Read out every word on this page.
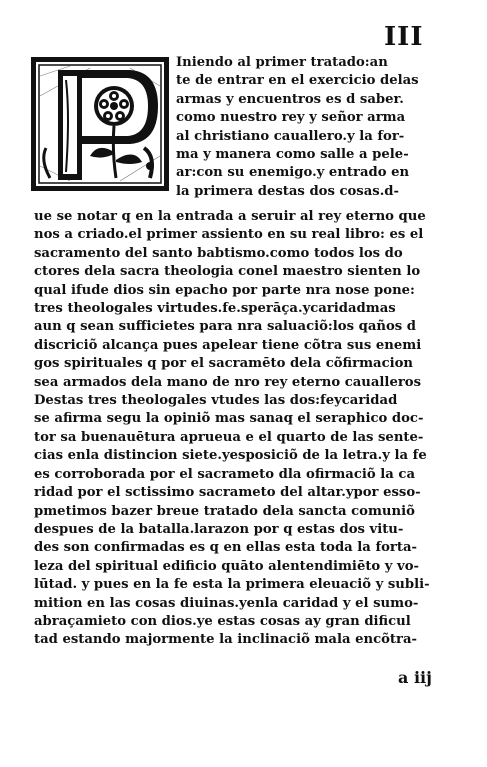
III
Iniendo al primer tratado:an
te de entrar en el exercicio delas
armas y encuentros es d saber.
como nuestro rey y señor arma
al christiano cauallero.y la for-
ma y manera como salle a pele-
ar:con su enemigo.y entrado en
la primera destas dos cosas.d-
ue se notar q en la entrada a seruir al rey eterno que
nos a criado.el primer assiento en su real libro: es el
sacramento del santo babtismo.como todos los do
ctores dela sacra theologia conel maestro sienten lo
qual ifude dios sin epacho por parte nra nose pone:
tres theologales virtudes.fe.sperāça.ycaridadmas
aun q sean sufficietes para nra saluaciõ:los qaños d
discriciõ alcança pues apelear tiene cõtra sus enemi
gos spirituales q por el sacramēto dela cõfirmacion
sea armados dela mano de nro rey eterno caualleros
Destas tres theologales vtudes las dos:feycaridad
se afirma segu la opiniõ mas sanaq el seraphico doc-
tor sa buenauētura aprueua e el quarto de las sente-
cias enla distincion siete.yesposiciõ de la letra.y la fe
es corroborada por el sacrameto dla ofirmaciõ la ca
ridad por el sctissimo sacrameto del altar.ypor esso-
pmetimos bazer breue tratado dela sancta comuniõ
despues de la batalla.larazon por q estas dos vitu-
des son confirmadas es q en ellas esta toda la forta-
leza del spiritual edificio quāto alentendimiēto y vo-
lūtad. y pues en la fe esta la primera eleuaciõ y subli-
mition en las cosas diuinas.yenla caridad y el sumo-
abraçamieto con dios.ye estas cosas ay gran dificul
tad estando majormente la inclinaciõ mala encõtra-
a iij
